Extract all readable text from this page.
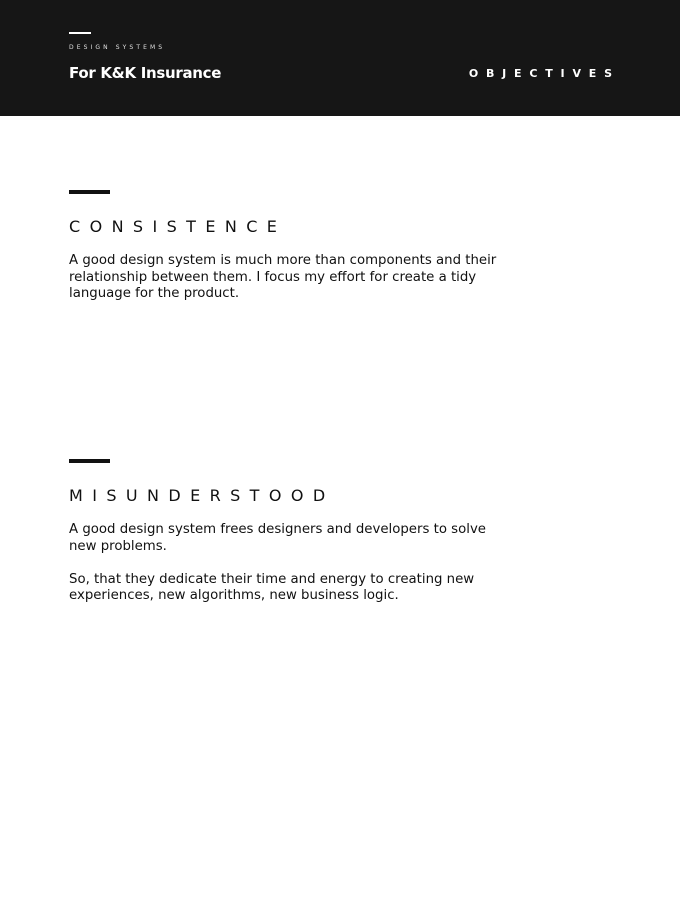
DESIGN SYSTEMS
For K&K Insurance	OBJECTIVES
CONSISTENCE

A good design system is much more than components and their relationship between them. I focus my effort for create a tidy language for the product.

MISUNDERSTOOD

A good design system frees designers and developers to solve new problems.

So, that they dedicate their time and energy to creating new experiences, new algorithms, new business logic.
